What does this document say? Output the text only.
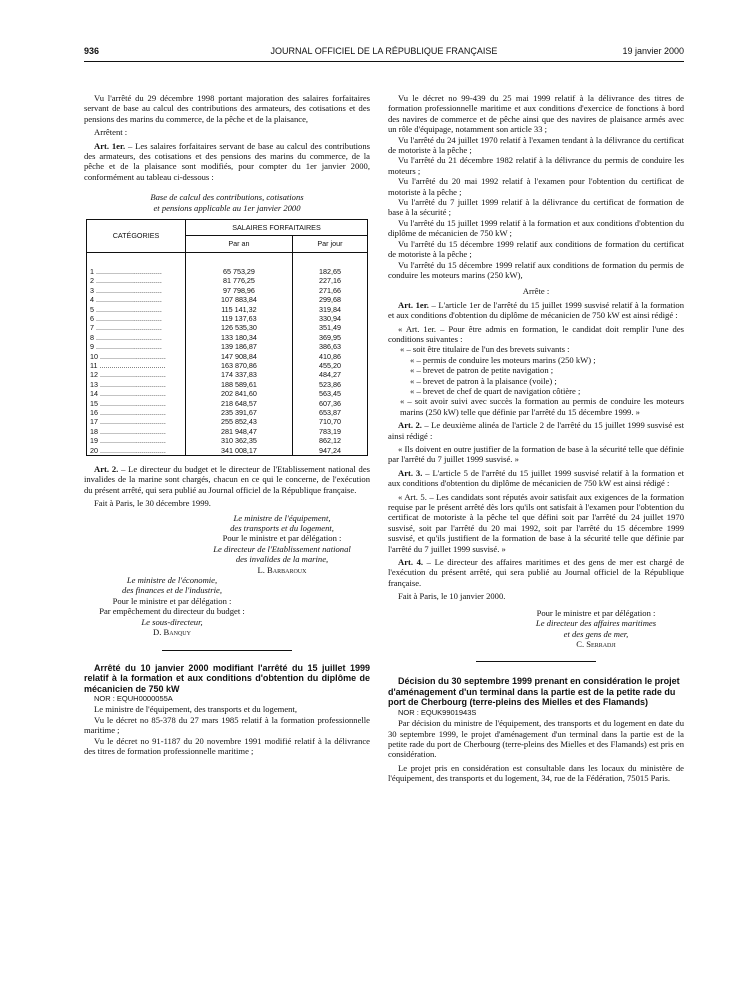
936	JOURNAL OFFICIEL DE LA RÉPUBLIQUE FRANÇAISE	19 janvier 2000

Vu l'arrêté du 29 décembre 1998 portant majoration des salaires forfaitaires servant de base au calcul des contributions des armateurs, des cotisations et des pensions des marins du commerce, de la pêche et de la plaisance,

Arrêtent :

Art. 1er. – Les salaires forfaitaires servant de base au calcul des contributions des armateurs, des cotisations et des pensions des marins du commerce, de la pêche et de la plaisance sont modifiés, pour compter du 1er janvier 2000, conformément au tableau ci-dessous :

Base de calcul des contributions, cotisations
et pensions applicable au 1er janvier 2000
CATÉGORIES	SALAIRES FORFAITAIRES	
	Par an	Par jour
1 .................................	65 753,29	182,65
2 .................................	81 776,25	227,16
3 .................................	97 798,96	271,66
4 .................................	107 883,84	299,68
5 .................................	115 141,32	319,84
6 .................................	119 137,63	330,94
7 .................................	126 535,30	351,49
8 .................................	133 180,34	369,95
9 .................................	139 186,87	386,63
10 .................................	147 908,84	410,86
11 .................................	163 870,86	455,20
12 .................................	174 337,83	484,27
13 .................................	188 589,61	523,86
14 .................................	202 841,60	563,45
15 .................................	218 648,57	607,36
16 .................................	235 391,67	653,87
17 .................................	255 852,43	710,70
18 .................................	281 948,47	783,19
19 .................................	310 362,35	862,12
20 .................................	341 008,17	947,24

Art. 2. – Le directeur du budget et le directeur de l'Etablissement national des invalides de la marine sont chargés, chacun en ce qui le concerne, de l'exécution du présent arrêté, qui sera publié au Journal officiel de la République française.

Fait à Paris, le 30 décembre 1999.

Le ministre de l'équipement,
des transports et du logement,
Pour le ministre et par délégation :
Le directeur de l'Etablissement national
des invalides de la marine,
L. Barbaroux
Le ministre de l'économie,
des finances et de l'industrie,
Pour le ministre et par délégation :
Par empêchement du directeur du budget :
Le sous-directeur,
D. Banquy

Arrêté du 10 janvier 2000 modifiant l'arrêté du 15 juillet 1999 relatif à la formation et aux conditions d'obtention du diplôme de mécanicien de 750 kW

NOR : EQUH0000055A

Le ministre de l'équipement, des transports et du logement,

Vu le décret no 85-378 du 27 mars 1985 relatif à la formation professionnelle maritime ;

Vu le décret no 91-1187 du 20 novembre 1991 modifié relatif à la délivrance des titres de formation professionnelle maritime ;

Vu le décret no 99-439 du 25 mai 1999 relatif à la délivrance des titres de formation professionnelle maritime et aux conditions d'exercice de fonctions à bord des navires de commerce et de pêche ainsi que des navires de plaisance armés avec un rôle d'équipage, notamment son article 33 ;

Vu l'arrêté du 24 juillet 1970 relatif à l'examen tendant à la délivrance du certificat de motoriste à la pêche ;

Vu l'arrêté du 21 décembre 1982 relatif à la délivrance du permis de conduire les moteurs ;

Vu l'arrêté du 20 mai 1992 relatif à l'examen pour l'obtention du certificat de motoriste à la pêche ;

Vu l'arrêté du 7 juillet 1999 relatif à la délivrance du certificat de formation de base à la sécurité ;

Vu l'arrêté du 15 juillet 1999 relatif à la formation et aux conditions d'obtention du diplôme de mécanicien de 750 kW ;

Vu l'arrêté du 15 décembre 1999 relatif aux conditions de formation du certificat de motoriste à la pêche ;

Vu l'arrêté du 15 décembre 1999 relatif aux conditions de formation du permis de conduire les moteurs marins (250 kW),

Arrête :

Art. 1er. – L'article 1er de l'arrêté du 15 juillet 1999 susvisé relatif à la formation et aux conditions d'obtention du diplôme de mécanicien de 750 kW est ainsi rédigé :

« Art. 1er. – Pour être admis en formation, le candidat doit remplir l'une des conditions suivantes :

« – soit être titulaire de l'un des brevets suivants :

« – permis de conduire les moteurs marins (250 kW) ;

« – brevet de patron de petite navigation ;

« – brevet de patron à la plaisance (voile) ;

« – brevet de chef de quart de navigation côtière ;

« – soit avoir suivi avec succès la formation au permis de conduire les moteurs marins (250 kW) telle que définie par l'arrêté du 15 décembre 1999. »

Art. 2. – Le deuxième alinéa de l'article 2 de l'arrêté du 15 juillet 1999 susvisé est ainsi rédigé :

« Ils doivent en outre justifier de la formation de base à la sécurité telle que définie par l'arrêté du 7 juillet 1999 susvisé. »

Art. 3. – L'article 5 de l'arrêté du 15 juillet 1999 susvisé relatif à la formation et aux conditions d'obtention du diplôme de mécanicien de 750 kW est ainsi rédigé :

« Art. 5. – Les candidats sont réputés avoir satisfait aux exigences de la formation requise par le présent arrêté dès lors qu'ils ont satisfait à l'examen pour l'obtention du certificat de motoriste à la pêche tel que défini soit par l'arrêté du 24 juillet 1970 susvisé, soit par l'arrêté du 20 mai 1992, soit par l'arrêté du 15 décembre 1999 susvisé, et qu'ils justifient de la formation de base à la sécurité telle que définie par l'arrêté du 7 juillet 1999 susvisé. »

Art. 4. – Le directeur des affaires maritimes et des gens de mer est chargé de l'exécution du présent arrêté, qui sera publié au Journal officiel de la République française.

Fait à Paris, le 10 janvier 2000.

Pour le ministre et par délégation :
Le directeur des affaires maritimes
et des gens de mer,
C. Serradji

Décision du 30 septembre 1999 prenant en considération le projet d'aménagement d'un terminal dans la partie est de la petite rade du port de Cherbourg (terre-pleins des Mielles et des Flamands)

NOR : EQUK9901943S

Par décision du ministre de l'équipement, des transports et du logement en date du 30 septembre 1999, le projet d'aménagement d'un terminal dans la partie est de la petite rade du port de Cherbourg (terre-pleins des Mielles et des Flamands) est pris en considération.

Le projet pris en considération est consultable dans les locaux du ministère de l'équipement, des transports et du logement, 34, rue de la Fédération, 75015 Paris.
